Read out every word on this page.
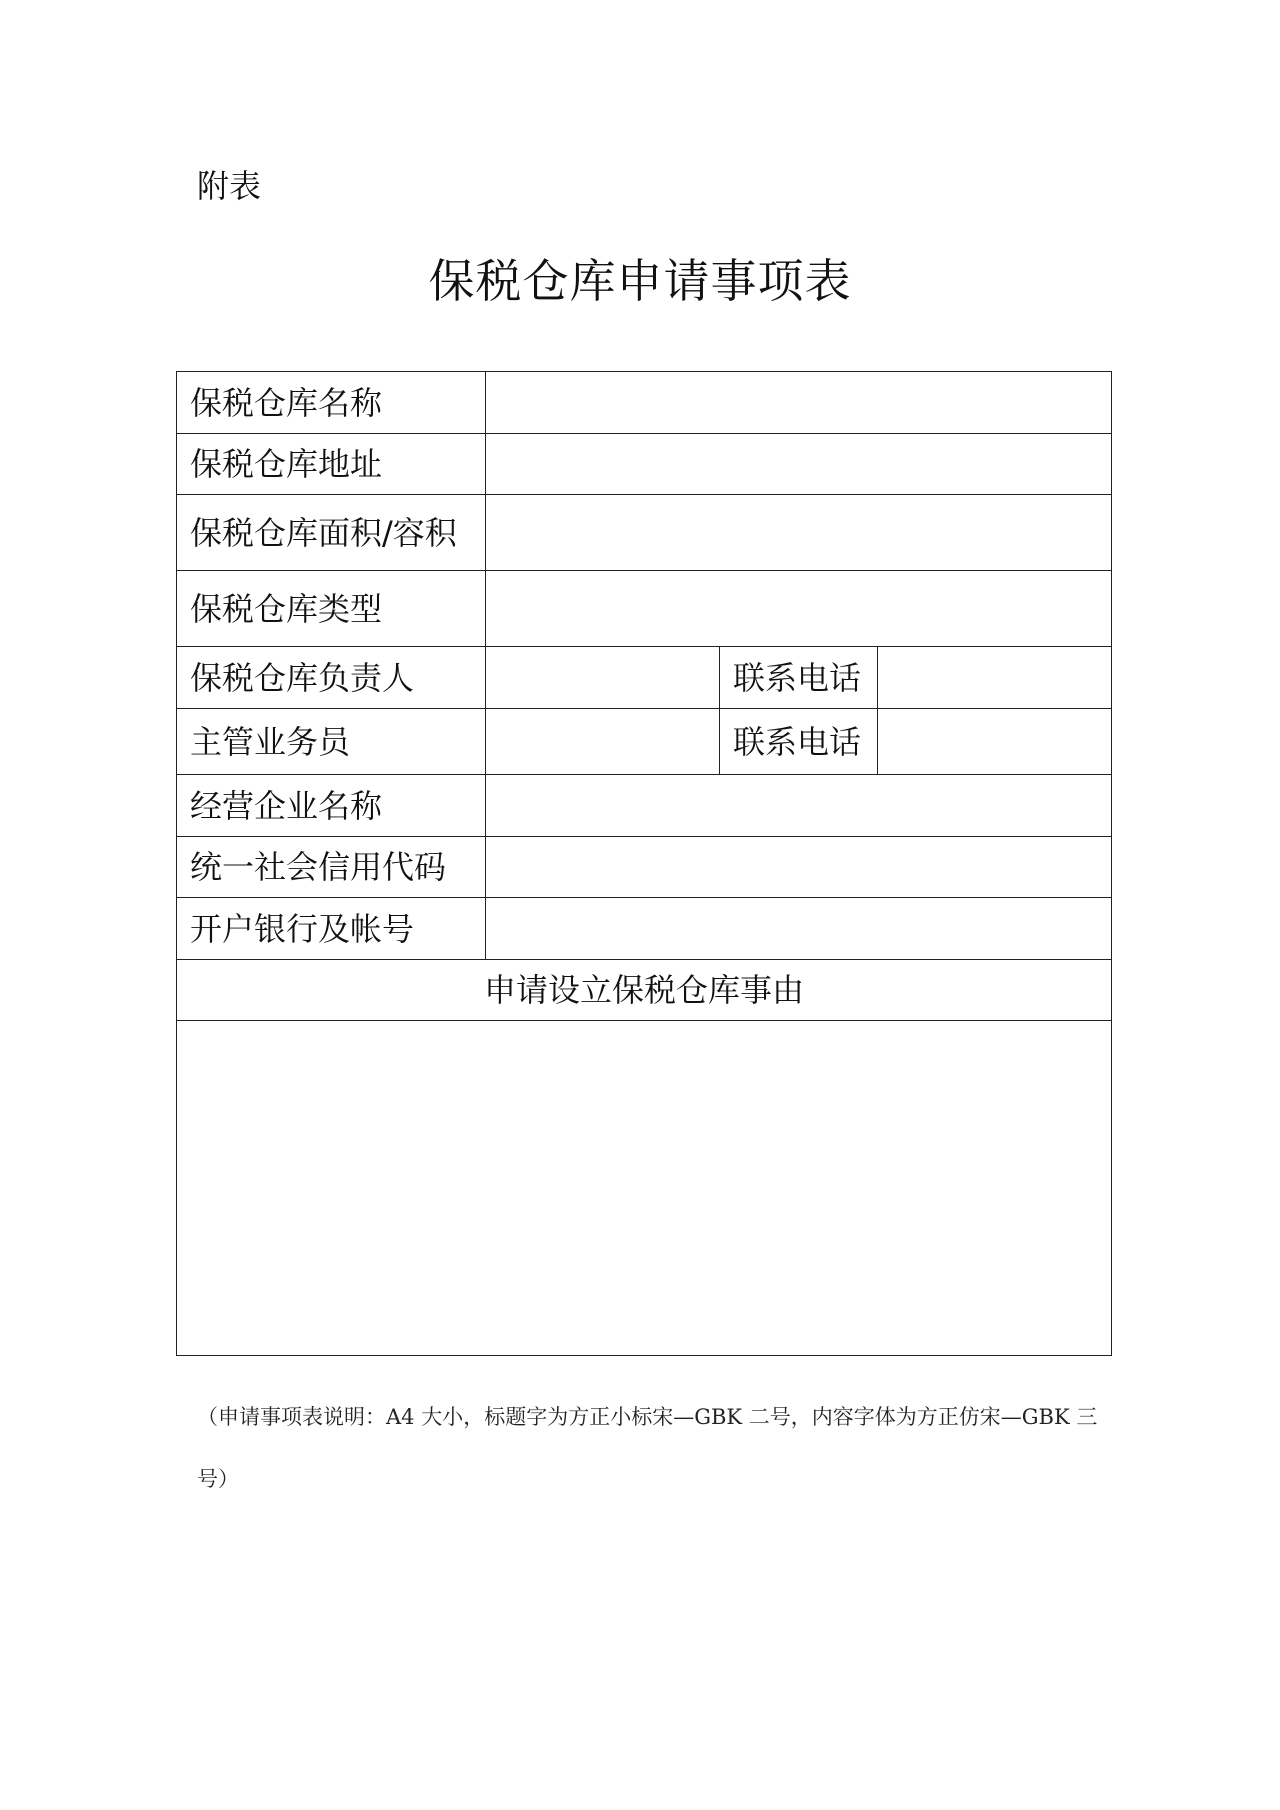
附表
保税仓库申请事项表
保税仓库名称			
保税仓库地址			
保税仓库面积/容积			
保税仓库类型			
保税仓库负责人		联系电话	
主管业务员		联系电话	
经营企业名称			
统一社会信用代码			
开户银行及帐号			
申请设立保税仓库事由			

（申请事项表说明：A4 大小，标题字为方正小标宋—GBK 二号，内容字体为方正仿宋—GBK 三号）
